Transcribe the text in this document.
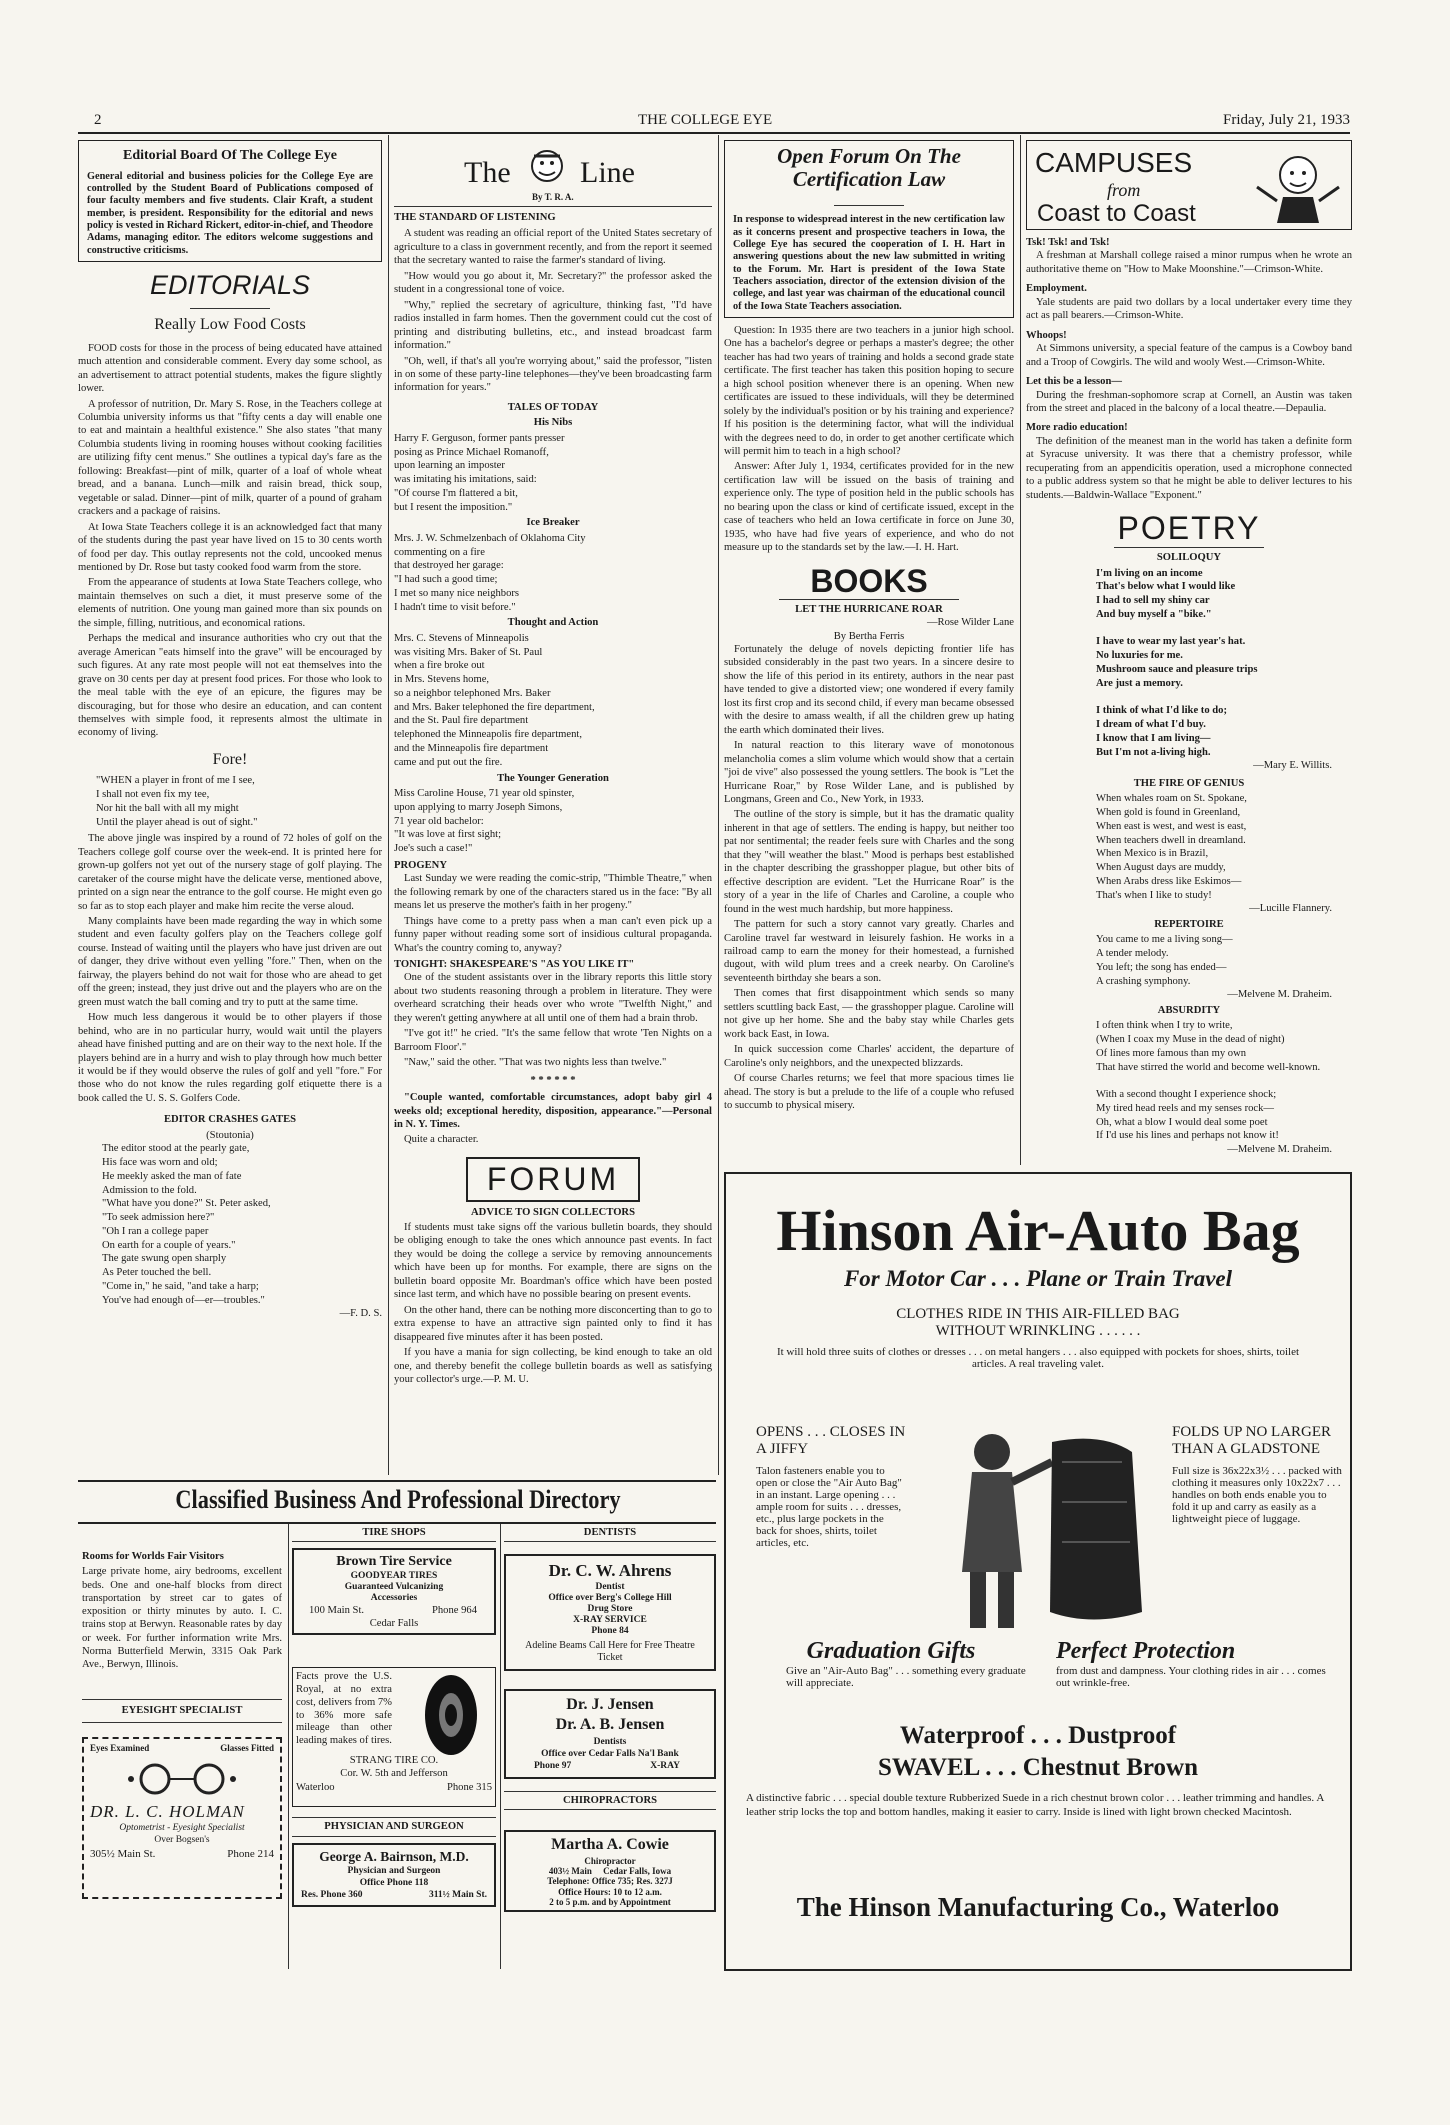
2	THE COLLEGE EYE	Friday, July 21, 1933
Editorial Board Of The College Eye
General editorial and business policies for the College Eye are controlled by the Student Board of Publications composed of four faculty members and five students. Clair Kraft, a student member, is president. Responsibility for the editorial and news policy is vested in Richard Rickert, editor-in-chief, and Theodore Adams, managing editor. The editors welcome suggestions and constructive criticisms.
EDITORIALS
Really Low Food Costs

FOOD costs for those in the process of being educated have attained much attention and considerable comment. Every day some school, as an advertisement to attract potential students, makes the figure slightly lower.

A professor of nutrition, Dr. Mary S. Rose, in the Teachers college at Columbia university informs us that "fifty cents a day will enable one to eat and maintain a healthful existence." She also states "that many Columbia students living in rooming houses without cooking facilities are utilizing fifty cent menus." She outlines a typical day's fare as the following: Breakfast—pint of milk, quarter of a loaf of whole wheat bread, and a banana. Lunch—milk and raisin bread, thick soup, vegetable or salad. Dinner—pint of milk, quarter of a pound of graham crackers and a package of raisins.

At Iowa State Teachers college it is an acknowledged fact that many of the students during the past year have lived on 15 to 30 cents worth of food per day. This outlay represents not the cold, uncooked menus mentioned by Dr. Rose but tasty cooked food warm from the store.

From the appearance of students at Iowa State Teachers college, who maintain themselves on such a diet, it must preserve some of the elements of nutrition. One young man gained more than six pounds on the simple, filling, nutritious, and economical rations.

Perhaps the medical and insurance authorities who cry out that the average American "eats himself into the grave" will be encouraged by such figures. At any rate most people will not eat themselves into the grave on 30 cents per day at present food prices. For those who look to the meal table with the eye of an epicure, the figures may be discouraging, but for those who desire an education, and can content themselves with simple food, it represents almost the ultimate in economy of living.

Fore!
"WHEN a player in front of me I see,
I shall not even fix my tee,
Nor hit the ball with all my might
Until the player ahead is out of sight."

The above jingle was inspired by a round of 72 holes of golf on the Teachers college golf course over the week-end. It is printed here for grown-up golfers not yet out of the nursery stage of golf playing. The caretaker of the course might have the delicate verse, mentioned above, printed on a sign near the entrance to the golf course. He might even go so far as to stop each player and make him recite the verse aloud.

Many complaints have been made regarding the way in which some student and even faculty golfers play on the Teachers college golf course. Instead of waiting until the players who have just driven are out of danger, they drive without even yelling "fore." Then, when on the fairway, the players behind do not wait for those who are ahead to get off the green; instead, they just drive out and the players who are on the green must watch the ball coming and try to putt at the same time.

How much less dangerous it would be to other players if those behind, who are in no particular hurry, would wait until the players ahead have finished putting and are on their way to the next hole. If the players behind are in a hurry and wish to play through how much better it would be if they would observe the rules of golf and yell "fore." For those who do not know the rules regarding golf etiquette there is a book called the U. S. S. Golfers Code.

EDITOR CRASHES GATES
(Stoutonia)
The editor stood at the pearly gate,
His face was worn and old;
He meekly asked the man of fate
Admission to the fold.
"What have you done?" St. Peter asked,
"To seek admission here?"
"Oh I ran a college paper
On earth for a couple of years."
The gate swung open sharply
As Peter touched the bell.
"Come in," he said, "and take a harp;
You've had enough of—er—troubles."
—F. D. S.
The Line
By T. R. A.
THE STANDARD OF LISTENING

A student was reading an official report of the United States secretary of agriculture to a class in government recently, and from the report it seemed that the secretary wanted to raise the farmer's standard of living.

"How would you go about it, Mr. Secretary?" the professor asked the student in a congressional tone of voice.

"Why," replied the secretary of agriculture, thinking fast, "I'd have radios installed in farm homes. Then the government could cut the cost of printing and distributing bulletins, etc., and instead broadcast farm information."

"Oh, well, if that's all you're worrying about," said the professor, "listen in on some of these party-line telephones—they've been broadcasting farm information for years."

TALES OF TODAY
His Nibs
Harry F. Gerguson, former pants presser
posing as Prince Michael Romanoff,
upon learning an imposter
was imitating his imitations, said:
"Of course I'm flattered a bit,
but I resent the imposition."
Ice Breaker
Mrs. J. W. Schmelzenbach of Oklahoma City
commenting on a fire
that destroyed her garage:
"I had such a good time;
I met so many nice neighbors
I hadn't time to visit before."
Thought and Action
Mrs. C. Stevens of Minneapolis
was visiting Mrs. Baker of St. Paul
when a fire broke out
in Mrs. Stevens home,
so a neighbor telephoned Mrs. Baker
and Mrs. Baker telephoned the fire department,
and the St. Paul fire department
telephoned the Minneapolis fire department,
and the Minneapolis fire department
came and put out the fire.
The Younger Generation
Miss Caroline House, 71 year old spinster,
upon applying to marry Joseph Simons,
71 year old bachelor:
"It was love at first sight;
Joe's such a case!"
PROGENY

Last Sunday we were reading the comic-strip, "Thimble Theatre," when the following remark by one of the characters stared us in the face: "By all means let us preserve the mother's faith in her progeny."

Things have come to a pretty pass when a man can't even pick up a funny paper without reading some sort of insidious cultural propaganda. What's the country coming to, anyway?

TONIGHT: SHAKESPEARE'S "AS YOU LIKE IT"

One of the student assistants over in the library reports this little story about two students reasoning through a problem in literature. They were overheard scratching their heads over who wrote "Twelfth Night," and they weren't getting anywhere at all until one of them had a brain throb.

"I've got it!" he cried. "It's the same fellow that wrote 'Ten Nights on a Barroom Floor'."

"Naw," said the other. "That was two nights less than twelve."

* * * * * *

"Couple wanted, comfortable circumstances, adopt baby girl 4 weeks old; exceptional heredity, disposition, appearance."—Personal in N. Y. Times.

Quite a character.

FORUM
ADVICE TO SIGN COLLECTORS

If students must take signs off the various bulletin boards, they should be obliging enough to take the ones which announce past events. In fact they would be doing the college a service by removing announcements which have been up for months. For example, there are signs on the bulletin board opposite Mr. Boardman's office which have been posted since last term, and which have no possible bearing on present events.

On the other hand, there can be nothing more disconcerting than to go to extra expense to have an attractive sign painted only to find it has disappeared five minutes after it has been posted.

If you have a mania for sign collecting, be kind enough to take an old one, and thereby benefit the college bulletin boards as well as satisfying your collector's urge.—P. M. U.

Open Forum On The Certification Law
In response to widespread interest in the new certification law as it concerns present and prospective teachers in Iowa, the College Eye has secured the cooperation of I. H. Hart in answering questions about the new law submitted in writing to the Forum. Mr. Hart is president of the Iowa State Teachers association, director of the extension division of the college, and last year was chairman of the educational council of the Iowa State Teachers association.

Question: In 1935 there are two teachers in a junior high school. One has a bachelor's degree or perhaps a master's degree; the other teacher has had two years of training and holds a second grade state certificate. The first teacher has taken this position hoping to secure a high school position whenever there is an opening. When new certificates are issued to these individuals, will they be determined solely by the individual's position or by his training and experience? If his position is the determining factor, what will the individual with the degrees need to do, in order to get another certificate which will permit him to teach in a high school?

Answer: After July 1, 1934, certificates provided for in the new certification law will be issued on the basis of training and experience only. The type of position held in the public schools has no bearing upon the class or kind of certificate issued, except in the case of teachers who held an Iowa certificate in force on June 30, 1935, who have had five years of experience, and who do not measure up to the standards set by the law.—I. H. Hart.

BOOKS
LET THE HURRICANE ROAR
—Rose Wilder Lane
By Bertha Ferris

Fortunately the deluge of novels depicting frontier life has subsided considerably in the past two years. In a sincere desire to show the life of this period in its entirety, authors in the near past have tended to give a distorted view; one wondered if every family lost its first crop and its second child, if every man became obsessed with the desire to amass wealth, if all the children grew up hating the earth which dominated their lives.

In natural reaction to this literary wave of monotonous melancholia comes a slim volume which would show that a certain "joi de vive" also possessed the young settlers. The book is "Let the Hurricane Roar," by Rose Wilder Lane, and is published by Longmans, Green and Co., New York, in 1933.

The outline of the story is simple, but it has the dramatic quality inherent in that age of settlers. The ending is happy, but neither too pat nor sentimental; the reader feels sure with Charles and the song that they "will weather the blast." Mood is perhaps best established in the chapter describing the grasshopper plague, but other bits of effective description are evident. "Let the Hurricane Roar" is the story of a year in the life of Charles and Caroline, a couple who found in the west much hardship, but more happiness.

The pattern for such a story cannot vary greatly. Charles and Caroline travel far westward in leisurely fashion. He works in a railroad camp to earn the money for their homestead, a furnished dugout, with wild plum trees and a creek nearby. On Caroline's seventeenth birthday she bears a son.

Then comes that first disappointment which sends so many settlers scuttling back East, — the grasshopper plague. Caroline will not give up her home. She and the baby stay while Charles gets work back East, in Iowa.

In quick succession come Charles' accident, the departure of Caroline's only neighbors, and the unexpected blizzards.

Of course Charles returns; we feel that more spacious times lie ahead. The story is but a prelude to the life of a couple who refused to succumb to physical misery.

CAMPUSES
from
Coast to Coast
Tsk! Tsk! and Tsk!

A freshman at Marshall college raised a minor rumpus when he wrote an authoritative theme on "How to Make Moonshine."—Crimson-White.

Employment.

Yale students are paid two dollars by a local undertaker every time they act as pall bearers.—Crimson-White.

Whoops!

At Simmons university, a special feature of the campus is a Cowboy band and a Troop of Cowgirls. The wild and wooly West.—Crimson-White.

Let this be a lesson—

During the freshman-sophomore scrap at Cornell, an Austin was taken from the street and placed in the balcony of a local theatre.—Depaulia.

More radio education!

The definition of the meanest man in the world has taken a definite form at Syracuse university. It was there that a chemistry professor, while recuperating from an appendicitis operation, used a microphone connected to a public address system so that he might be able to deliver lectures to his students.—Baldwin-Wallace "Exponent."

POETRY
SOLILOQUY
I'm living on an income
That's below what I would like
I had to sell my shiny car
And buy myself a "bike."

I have to wear my last year's hat.
No luxuries for me.
Mushroom sauce and pleasure trips
Are just a memory.

I think of what I'd like to do;
I dream of what I'd buy.
I know that I am living—
But I'm not a-living high.
—Mary E. Willits.
THE FIRE OF GENIUS
When whales roam on St. Spokane,
When gold is found in Greenland,
When east is west, and west is east,
When teachers dwell in dreamland.
When Mexico is in Brazil,
When August days are muddy,
When Arabs dress like Eskimos—
That's when I like to study!
—Lucille Flannery.
REPERTOIRE
You came to me a living song—
A tender melody.
You left; the song has ended—
A crashing symphony.
—Melvene M. Draheim.
ABSURDITY
I often think when I try to write,
(When I coax my Muse in the dead of night)
Of lines more famous than my own
That have stirred the world and become well-known.

With a second thought I experience shock;
My tired head reels and my senses rock—
Oh, what a blow I would deal some poet
If I'd use his lines and perhaps not know it!
—Melvene M. Draheim.
Hinson Air-Auto Bag
For Motor Car . . . Plane or Train Travel
CLOTHES RIDE IN THIS AIR-FILLED BAG
WITHOUT WRINKLING . . . . . .
It will hold three suits of clothes or dresses . . . on metal hangers . . . also equipped with pockets for shoes, shirts, toilet articles. A real traveling valet.
OPENS . . . CLOSES IN A JIFFY
Talon fasteners enable you to open or close the "Air Auto Bag" in an instant. Large opening . . . ample room for suits . . . dresses, etc., plus large pockets in the back for shoes, shirts, toilet articles, etc.
FOLDS UP NO LARGER THAN A GLADSTONE
Full size is 36x22x3½ . . . packed with clothing it measures only 10x22x7 . . . handles on both ends enable you to fold it up and carry as easily as a lightweight piece of luggage.
Graduation Gifts
Give an "Air-Auto Bag" . . . something every graduate will appreciate.
Perfect Protection
from dust and dampness. Your clothing rides in air . . . comes out wrinkle-free.
Waterproof . . . Dustproof
SWAVEL . . . Chestnut Brown
A distinctive fabric . . . special double texture Rubberized Suede in a rich chestnut brown color . . . leather trimming and handles. A leather strip locks the top and bottom handles, making it easier to carry. Inside is lined with light brown checked Macintosh.
The Hinson Manufacturing Co., Waterloo
Classified Business And Professional Directory
Rooms for Worlds Fair Visitors
Large private home, airy bedrooms, excellent beds. One and one-half blocks from direct transportation by street car to gates of exposition or thirty minutes by auto. I. C. trains stop at Berwyn. Reasonable rates by day or week. For further information write Mrs. Norma Butterfield Merwin, 3315 Oak Park Ave., Berwyn, Illinois.
EYESIGHT SPECIALIST
Eyes Examined	Glasses Fitted
DR. L. C. HOLMAN
Optometrist - Eyesight Specialist
Over Bogsen's
305½ Main St.	Phone 214
TIRE SHOPS
Brown Tire Service
GOODYEAR TIRES
Guaranteed Vulcanizing
Accessories
100 Main St.	Phone 964
Cedar Falls
Facts prove the U.S. Royal, at no extra cost, delivers from 7% to 36% more safe mileage than other leading makes of tires.
STRANG TIRE CO.
Cor. W. 5th and Jefferson
Waterloo	Phone 315
PHYSICIAN AND SURGEON
George A. Bairnson, M.D.
Physician and Surgeon
Office Phone 118
Res. Phone 360	311½ Main St.
DENTISTS
Dr. C. W. Ahrens
Dentist
Office over Berg's College Hill
Drug Store
X-RAY SERVICE
Phone 84
Adeline Beams Call Here for Free Theatre Ticket
Dr. J. Jensen
Dr. A. B. Jensen
Dentists
Office over Cedar Falls Na'l Bank
Phone 97	X-RAY
CHIROPRACTORS
Martha A. Cowie
Chiropractor
403½ Main     Cedar Falls, Iowa
Telephone: Office 735; Res. 327J
Office Hours: 10 to 12 a.m.
2 to 5 p.m. and by Appointment
